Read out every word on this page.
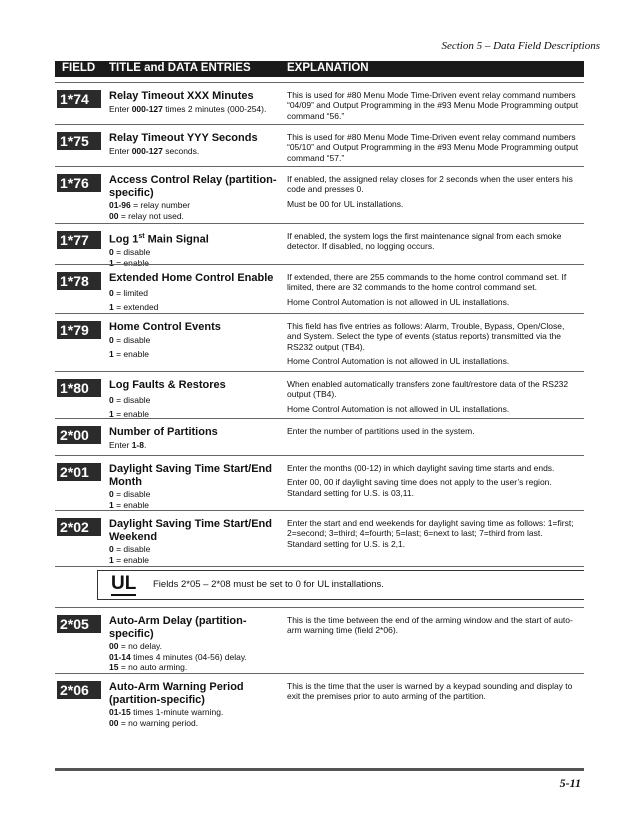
Section 5 – Data Field Descriptions
FIELD TITLE and DATA ENTRIES	EXPLANATION
1*74	Relay Timeout XXX Minutes
Enter 000-127 times 2 minutes (000-254).

This is used for #80 Menu Mode Time-Driven event relay command numbers “04/09” and Output Programming in the #93 Menu Mode Programming output command “56.”

1*75	Relay Timeout YYY Seconds
Enter 000-127 seconds.

This is used for #80 Menu Mode Time-Driven event relay command numbers “05/10” and Output Programming in the #93 Menu Mode Programming output command “57.”

1*76	Access Control Relay (partition-specific)
01-96 = relay number
00 = relay not used.

If enabled, the assigned relay closes for 2 seconds when the user enters his code and presses 0.

Must be 00 for UL installations.

1*77	Log 1st Main Signal
0 = disable
1 = enable

If enabled, the system logs the first maintenance signal from each smoke detector. If disabled, no logging occurs.

1*78	Extended Home Control Enable
0 = limited
1 = extended

If extended, there are 255 commands to the home control command set. If limited, there are 32 commands to the home control command set.

Home Control Automation is not allowed in UL installations.

1*79	Home Control Events
0 = disable
1 = enable

This field has five entries as follows: Alarm, Trouble, Bypass, Open/Close, and System. Select the type of events (status reports) transmitted via the RS232 output (TB4).

Home Control Automation is not allowed in UL installations.

1*80	Log Faults & Restores
0 = disable
1 = enable

When enabled automatically transfers zone fault/restore data of the RS232 output (TB4).

Home Control Automation is not allowed in UL installations.

2*00	Number of Partitions
Enter 1-8.

Enter the number of partitions used in the system.

2*01	Daylight Saving Time Start/End Month
0 = disable
1 = enable

Enter the months (00-12) in which daylight saving time starts and ends.

Enter 00, 00 if daylight saving time does not apply to the user’s region. Standard setting for U.S. is 03,11.

2*02	Daylight Saving Time Start/End Weekend
0 = disable
1 = enable

Enter the start and end weekends for daylight saving time as follows: 1=first; 2=second; 3=third; 4=fourth; 5=last; 6=next to last; 7=third from last. Standard setting for U.S. is 2,1.

2*05	Auto-Arm Delay (partition-specific)
00 = no delay.
01-14 times 4 minutes (04-56) delay.
15 = no auto arming.

This is the time between the end of the arming window and the start of auto-arm warning time (field 2*06).

2*06	Auto-Arm Warning Period (partition-specific)
01-15 times 1-minute warning.
00 = no warning period.

This is the time that the user is warned by a keypad sounding and display to exit the premises prior to auto arming of the partition.

UL Fields 2*05 – 2*08 must be set to 0 for UL installations.
5-11
